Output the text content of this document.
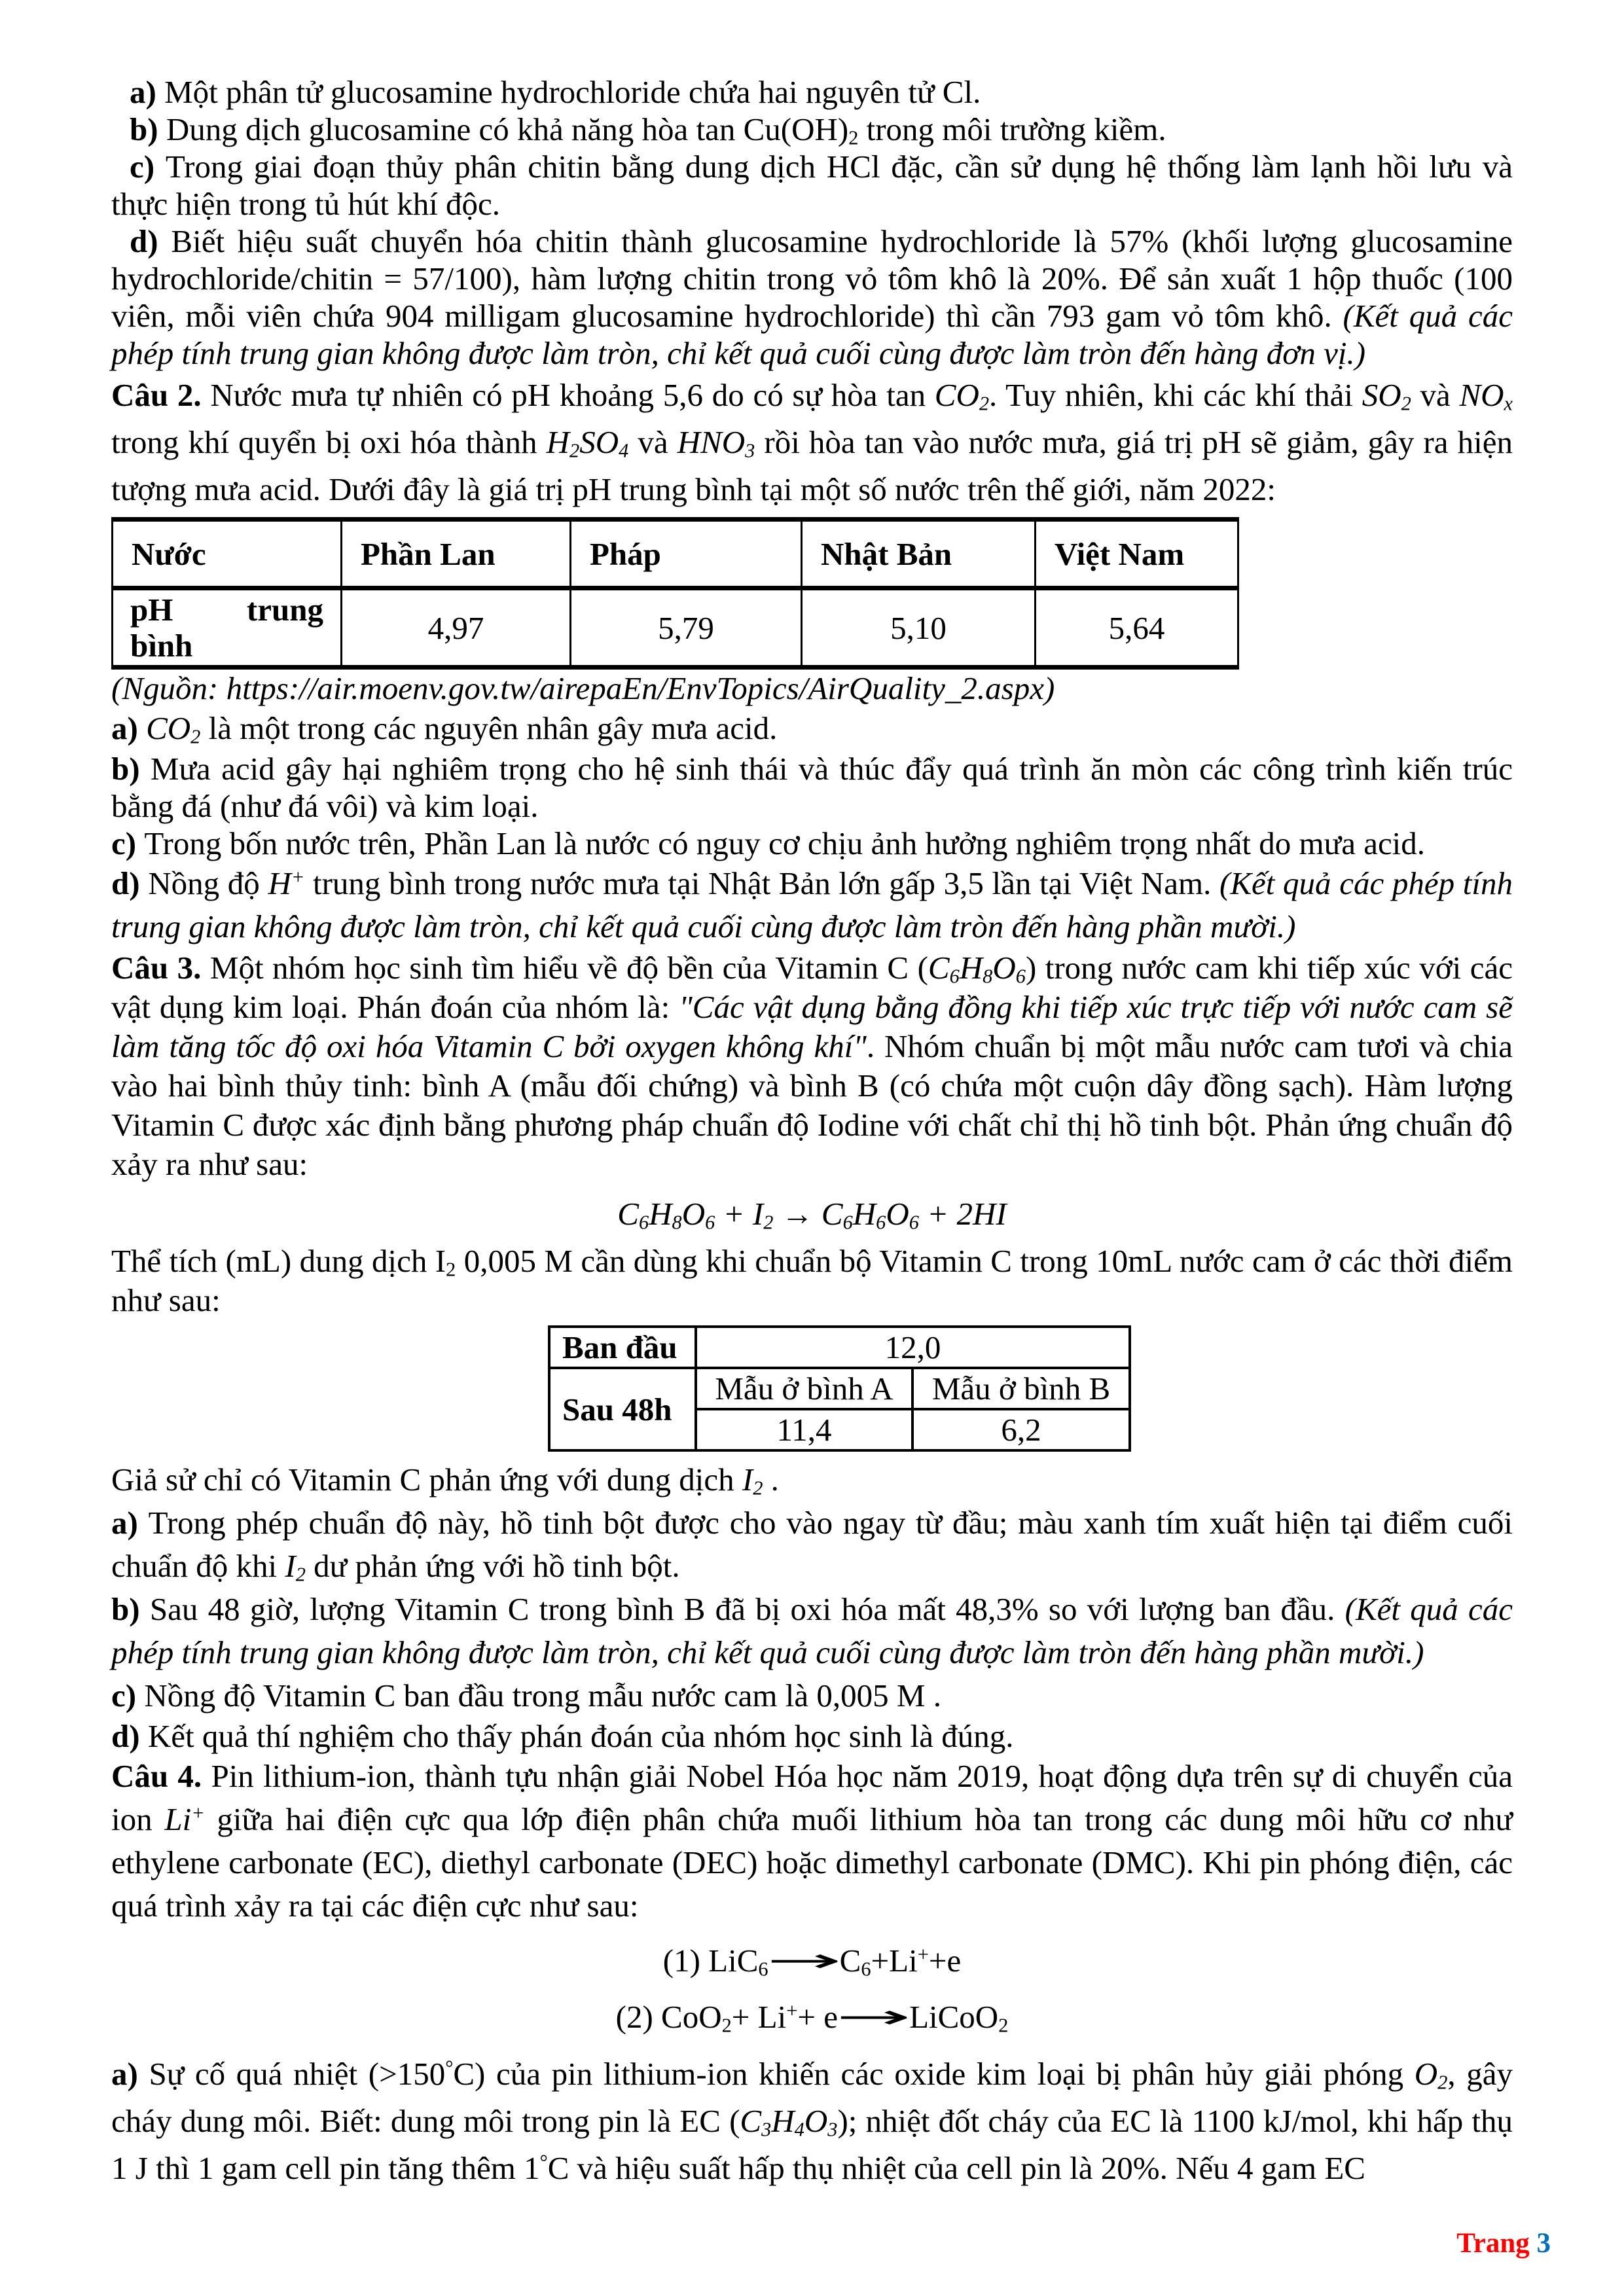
a) Một phân tử glucosamine hydrochloride chứa hai nguyên tử Cl.

b) Dung dịch glucosamine có khả năng hòa $\tan Cu(OH)_2$ trong môi trường kiềm.

c) Trong giai đoạn thủy phân chitin bằng dung dịch HCl đặc, cần sử dụng hệ thống làm lạnh hồi lưu và thực hiện trong tủ hút khí độc.

d) Biết hiệu suất chuyển hóa chitin thành glucosamine hydrochloride là 57% (khối lượng glucosamine hydrochloride/chitin = 57/100), hàm lượng chitin trong vỏ tôm khô là 20%. Để sản xuất 1 hộp thuốc (100 viên, mỗi viên chứa 904 milligam glucosamine hydrochloride) thì cần 793 gam vỏ tôm khô. (Kết quả các phép tính trung gian không được làm tròn, chỉ kết quả cuối cùng được làm tròn đến hàng đơn vị.)

Câu 2. Nước mưa tự nhiên có pH khoảng 5,6 do có sự hòa $\tan CO_2$. Tuy nhiên, khi các khí thải $SO_2$ và $NO_x$ trong khí quyển bị oxi hóa thành $H_2SO_4$ và $HNO_3$ rồi hòa tan vào nước mưa, giá trị pH sẽ giảm, gây ra hiện tượng mưa acid. Dưới đây là giá trị pH trung bình tại một số nước trên thế giới, năm 2022:

Nước	Phần Lan	Pháp	Nhật Bản	Việt Nam

pH trung
bình	4,97	5,79	5,10	5,64

(Nguồn: https://air.moenv.gov.tw/airepaEn/EnvTopics/AirQuality_2.aspx)

a) $CO_2$ là một trong các nguyên nhân gây mưa acid.

b) Mưa acid gây hại nghiêm trọng cho hệ sinh thái và thúc đẩy quá trình ăn mòn các công trình kiến trúc bằng đá (như đá vôi) và kim loại.

c) Trong bốn nước trên, Phần Lan là nước có nguy cơ chịu ảnh hưởng nghiêm trọng nhất do mưa acid.

d) Nồng độ H+ trung bình trong nước mưa tại Nhật Bản lớn gấp 3,5 lần tại Việt Nam. (Kết quả các phép tính trung gian không được làm tròn, chỉ kết quả cuối cùng được làm tròn đến hàng phần mười.)

Câu 3. Một nhóm học sinh tìm hiểu về độ bền của Vitamin C $(C_6H_8O_6)$ trong nước cam khi tiếp xúc với các vật dụng kim loại. Phán đoán của nhóm là: "Các vật dụng bằng đồng khi tiếp xúc trực tiếp với nước cam sẽ làm tăng tốc độ oxi hóa Vitamin C bởi oxygen không khí". Nhóm chuẩn bị một mẫu nước cam tươi và chia vào hai bình thủy tinh: bình A (mẫu đối chứng) và bình B (có chứa một cuộn dây đồng sạch). Hàm lượng Vitamin C được xác định bằng phương pháp chuẩn độ Iodine với chất chỉ thị hồ tinh bột. Phản ứng chuẩn độ xảy ra như sau:

$C_6H_8O_6 + I_2 \to C_6H_6O_6 + 2HI$

Thể tích (mL) dung dịch $I_2$ 0,005 M cần dùng khi chuẩn bộ Vitamin C trong 10mL nước cam ở các thời điểm như sau:

Ban đầu	12,0	
Sau 48h	Mẫu ở bình A	Mẫu ở bình B
	11,4	6,2

Giả sử chỉ có Vitamin C phản ứng với dung dịch $I_2$ .

a) Trong phép chuẩn độ này, hồ tinh bột được cho vào ngay từ đầu; màu xanh tím xuất hiện tại điểm cuối chuẩn độ khi $I_2$ dư phản ứng với hồ tinh bột.

b) Sau 48 giờ, lượng Vitamin C trong bình B đã bị oxi hóa mất 48,3% so với lượng ban đầu. (Kết quả các phép tính trung gian không được làm tròn, chỉ kết quả cuối cùng được làm tròn đến hàng phần mười.)

c) Nồng độ Vitamin C ban đầu trong mẫu nước cam là 0,005 M .

d) Kết quả thí nghiệm cho thấy phán đoán của nhóm học sinh là đúng.

Câu 4. Pin lithium-ion, thành tựu nhận giải Nobel Hóa học năm 2019, hoạt động dựa trên sự di chuyển của ion Li+ giữa hai điện cực qua lớp điện phân chứa muối lithium hòa tan trong các dung môi hữu cơ như ethylene carbonate (EC), diethyl carbonate (DEC) hoặc dimethyl carbonate (DMC). Khi pin phóng điện, các quá trình xảy ra tại các điện cực như sau:

(1) $LiC_6\to C_6+Li^++e$

(2) CoO$_2$+ Li++ e→LiCoO$_2$

a) Sự cố quá nhiệt (>150°C) của pin lithium-ion khiến các oxide kim loại bị phân hủy giải phóng $O_2$, gây cháy dung môi. Biết: dung môi trong pin là EC $(C_3H_4O_3)$; nhiệt đốt cháy của EC là 1100 kJ/mol, khi hấp thụ 1 J thì 1 gam cell pin tăng thêm 1°C và hiệu suất hấp thụ nhiệt của cell pin là 20%. Nếu 4 gam EC

Trang 3
